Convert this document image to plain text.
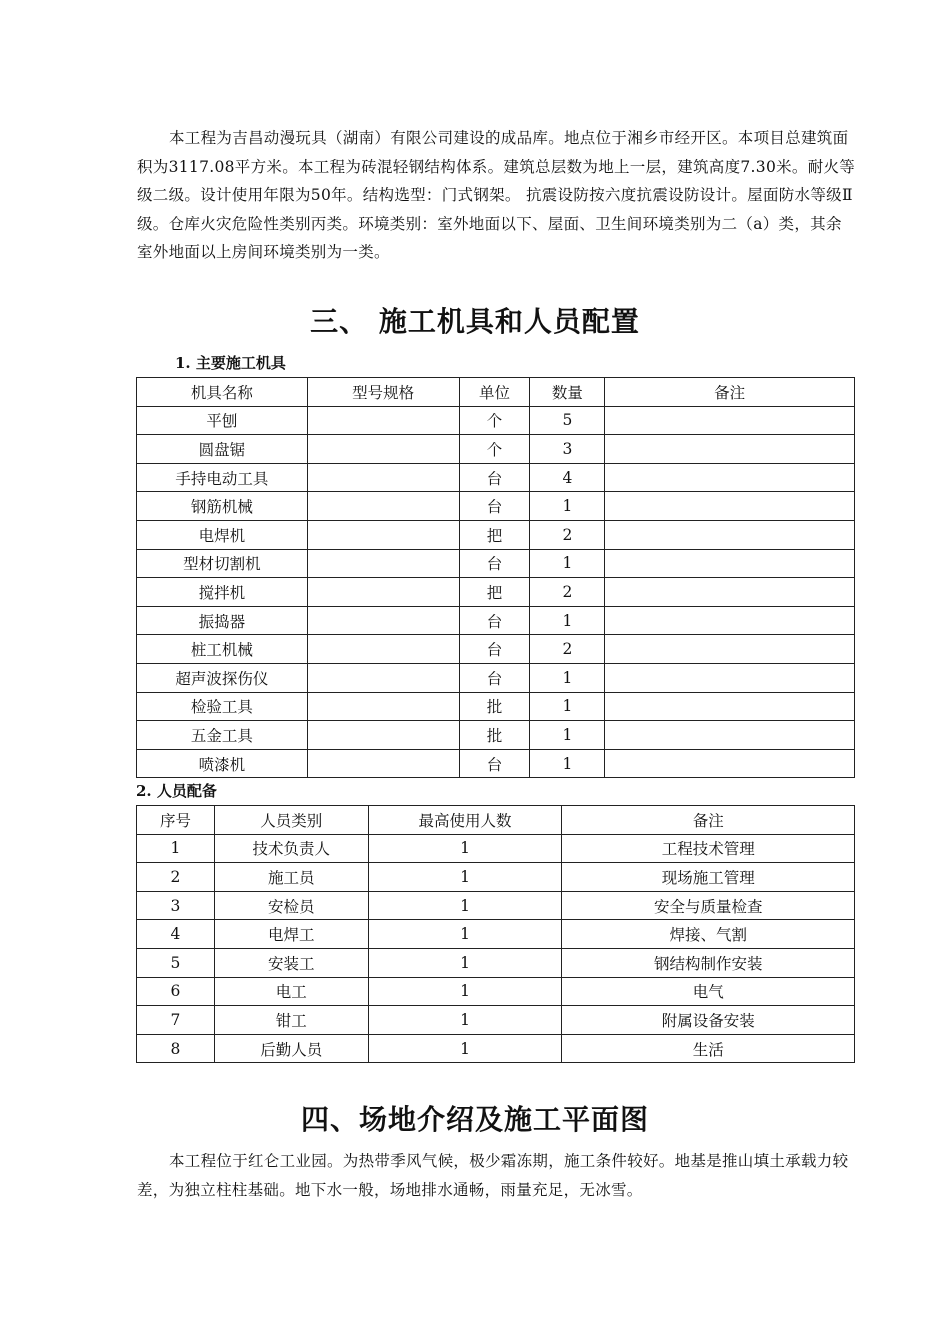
本工程为吉昌动漫玩具（湖南）有限公司建设的成品库。地点位于湘乡市经开区。本项目总建筑面积为3117.08平方米。本工程为砖混轻钢结构体系。建筑总层数为地上一层，建筑高度7.30米。耐火等级二级。设计使用年限为50年。结构选型：门式钢架。 抗震设防按六度抗震设防设计。屋面防水等级Ⅱ级。仓库火灾危险性类别丙类。环境类别：室外地面以下、屋面、卫生间环境类别为二（a）类，其余室外地面以上房间环境类别为一类。

三、 施工机具和人员配置

1. 主要施工机具

机具名称	型号规格	单位	数量	备注
平刨		个	5	
圆盘锯		个	3	
手持电动工具		台	4	
钢筋机械		台	1	
电焊机		把	2	
型材切割机		台	1	
搅拌机		把	2	
振捣器		台	1	
桩工机械		台	2	
超声波探伤仪		台	1	
检验工具		批	1	
五金工具		批	1	
喷漆机		台	1	

2. 人员配备

序号	人员类别	最高使用人数	备注
1	技术负责人	1	工程技术管理
2	施工员	1	现场施工管理
3	安检员	1	安全与质量检查
4	电焊工	1	焊接、气割
5	安装工	1	钢结构制作安装
6	电工	1	电气
7	钳工	1	附属设备安装
8	后勤人员	1	生活
四、场地介绍及施工平面图

本工程位于红仑工业园。为热带季风气候，极少霜冻期，施工条件较好。地基是推山填土承载力较差，为独立柱柱基础。地下水一般，场地排水通畅，雨量充足，无冰雪。
